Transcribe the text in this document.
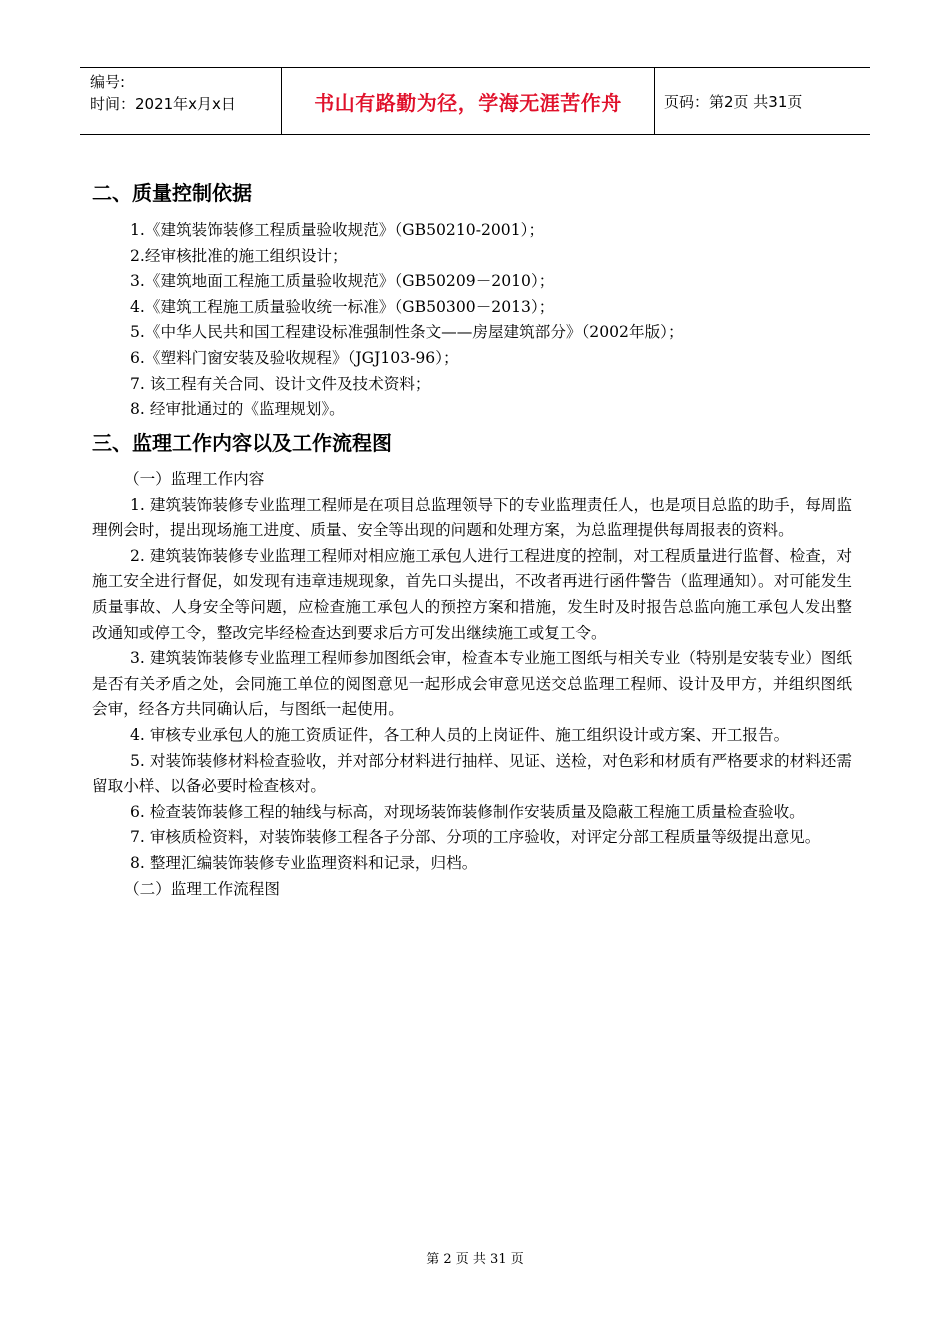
编号:
时间：2021年x月x日	书山有路勤为径，学海无涯苦作舟	页码：第2页 共31页
二、质量控制依据
1.《建筑装饰装修工程质量验收规范》（GB50210-2001）；
2.经审核批准的施工组织设计；
3.《建筑地面工程施工质量验收规范》（GB50209－2010）；
4.《建筑工程施工质量验收统一标准》（GB50300－2013）；
5.《中华人民共和国工程建设标准强制性条文——房屋建筑部分》（2002年版）；
6.《塑料门窗安装及验收规程》（JGJ103-96）；
7. 该工程有关合同、设计文件及技术资料；
8. 经审批通过的《监理规划》。
三、监理工作内容以及工作流程图
（一）监理工作内容
1. 建筑装饰装修专业监理工程师是在项目总监理领导下的专业监理责任人，也是项目总监的助手，每周监理例会时，提出现场施工进度、质量、安全等出现的问题和处理方案，为总监理提供每周报表的资料。
2. 建筑装饰装修专业监理工程师对相应施工承包人进行工程进度的控制，对工程质量进行监督、检查，对施工安全进行督促，如发现有违章违规现象，首先口头提出，不改者再进行函件警告（监理通知）。对可能发生质量事故、人身安全等问题，应检查施工承包人的预控方案和措施，发生时及时报告总监向施工承包人发出整改通知或停工令，整改完毕经检查达到要求后方可发出继续施工或复工令。
3. 建筑装饰装修专业监理工程师参加图纸会审，检查本专业施工图纸与相关专业（特别是安装专业）图纸是否有关矛盾之处，会同施工单位的阅图意见一起形成会审意见送交总监理工程师、设计及甲方，并组织图纸会审，经各方共同确认后，与图纸一起使用。
4. 审核专业承包人的施工资质证件，各工种人员的上岗证件、施工组织设计或方案、开工报告。
5. 对装饰装修材料检查验收，并对部分材料进行抽样、见证、送检，对色彩和材质有严格要求的材料还需留取小样、以备必要时检查核对。
6. 检查装饰装修工程的轴线与标高，对现场装饰装修制作安装质量及隐蔽工程施工质量检查验收。
7. 审核质检资料，对装饰装修工程各子分部、分项的工序验收，对评定分部工程质量等级提出意见。
8. 整理汇编装饰装修专业监理资料和记录，归档。
（二）监理工作流程图
第 2 页 共 31 页
